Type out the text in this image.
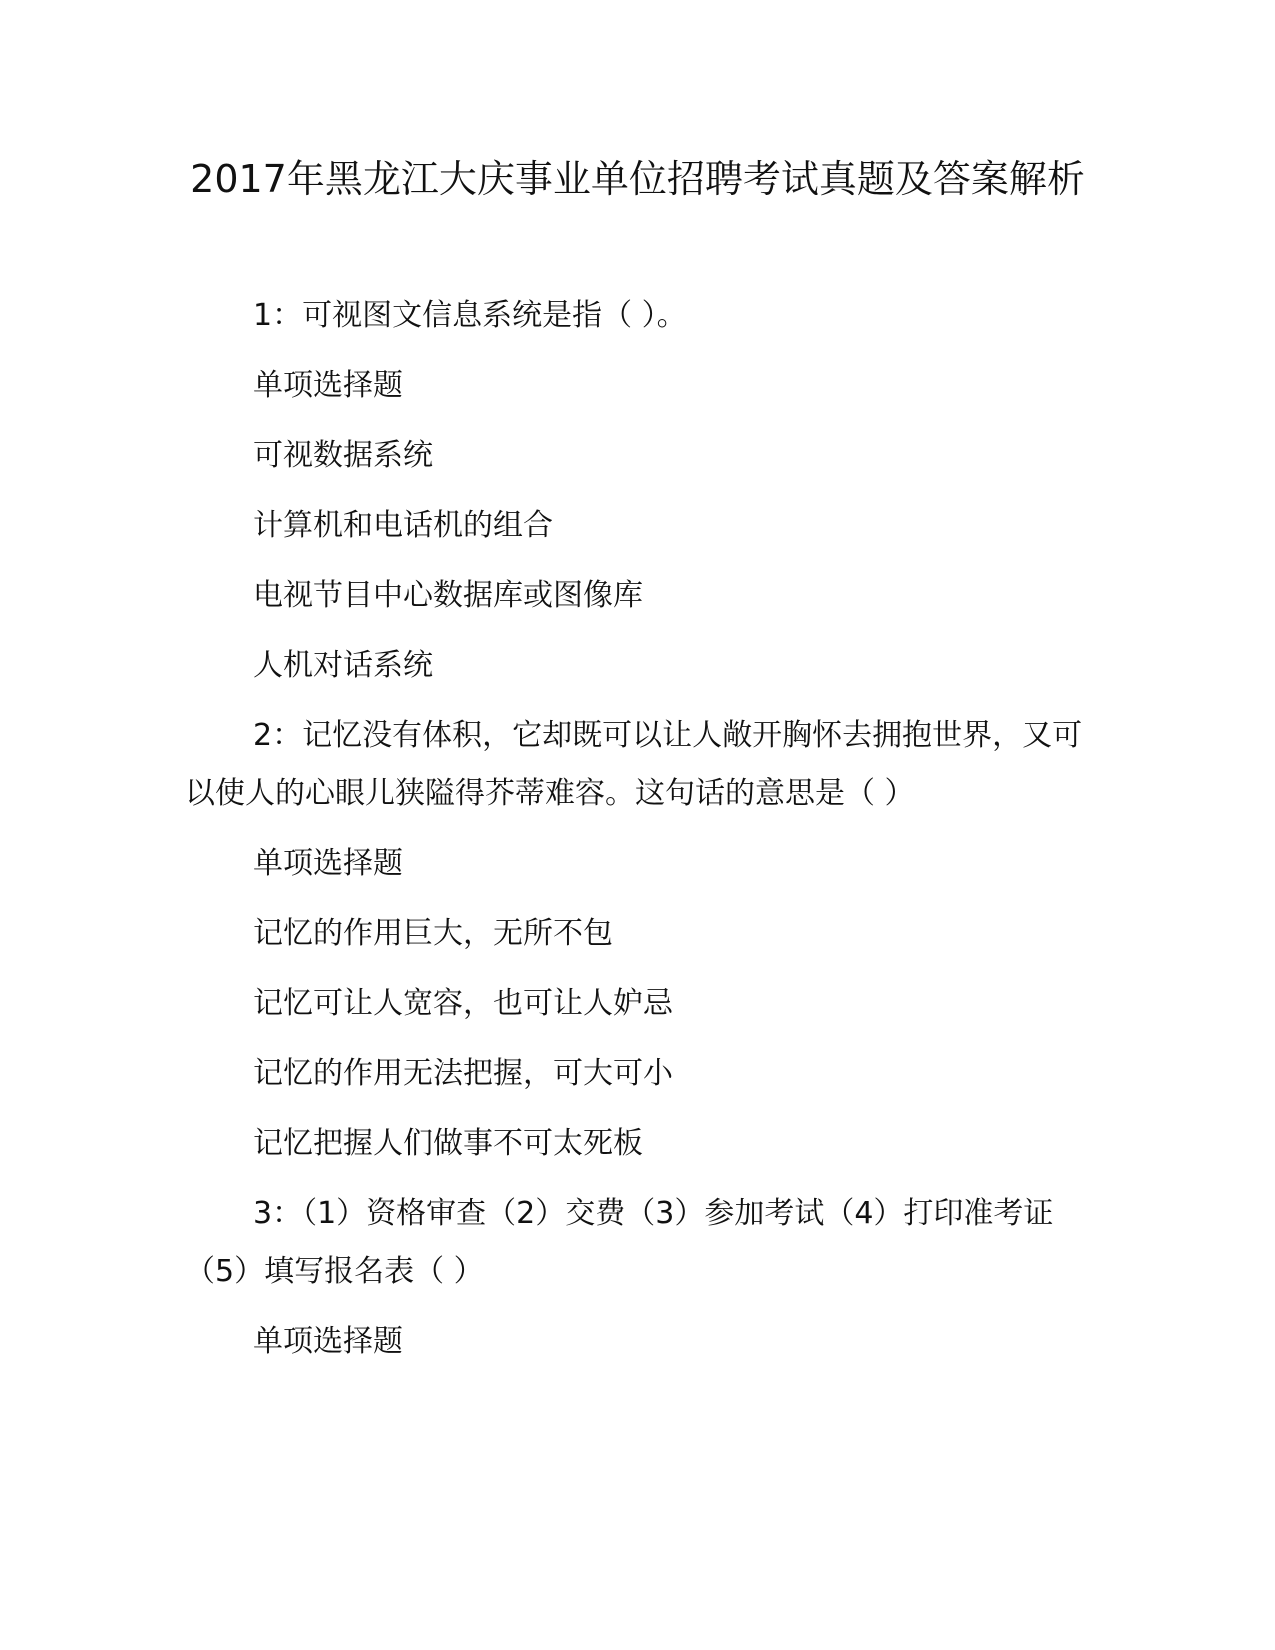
2017年黑龙江大庆事业单位招聘考试真题及答案解析

1：可视图文信息系统是指（ ）。

单项选择题

可视数据系统

计算机和电话机的组合

电视节目中心数据库或图像库

人机对话系统

2：记忆没有体积，它却既可以让人敞开胸怀去拥抱世界，又可以使人的心眼儿狭隘得芥蒂难容。这句话的意思是（ ）

单项选择题

记忆的作用巨大，无所不包

记忆可让人宽容，也可让人妒忌

记忆的作用无法把握，可大可小

记忆把握人们做事不可太死板

3：（1）资格审查（2）交费（3）参加考试（4）打印准考证（5）填写报名表（ ）

单项选择题
